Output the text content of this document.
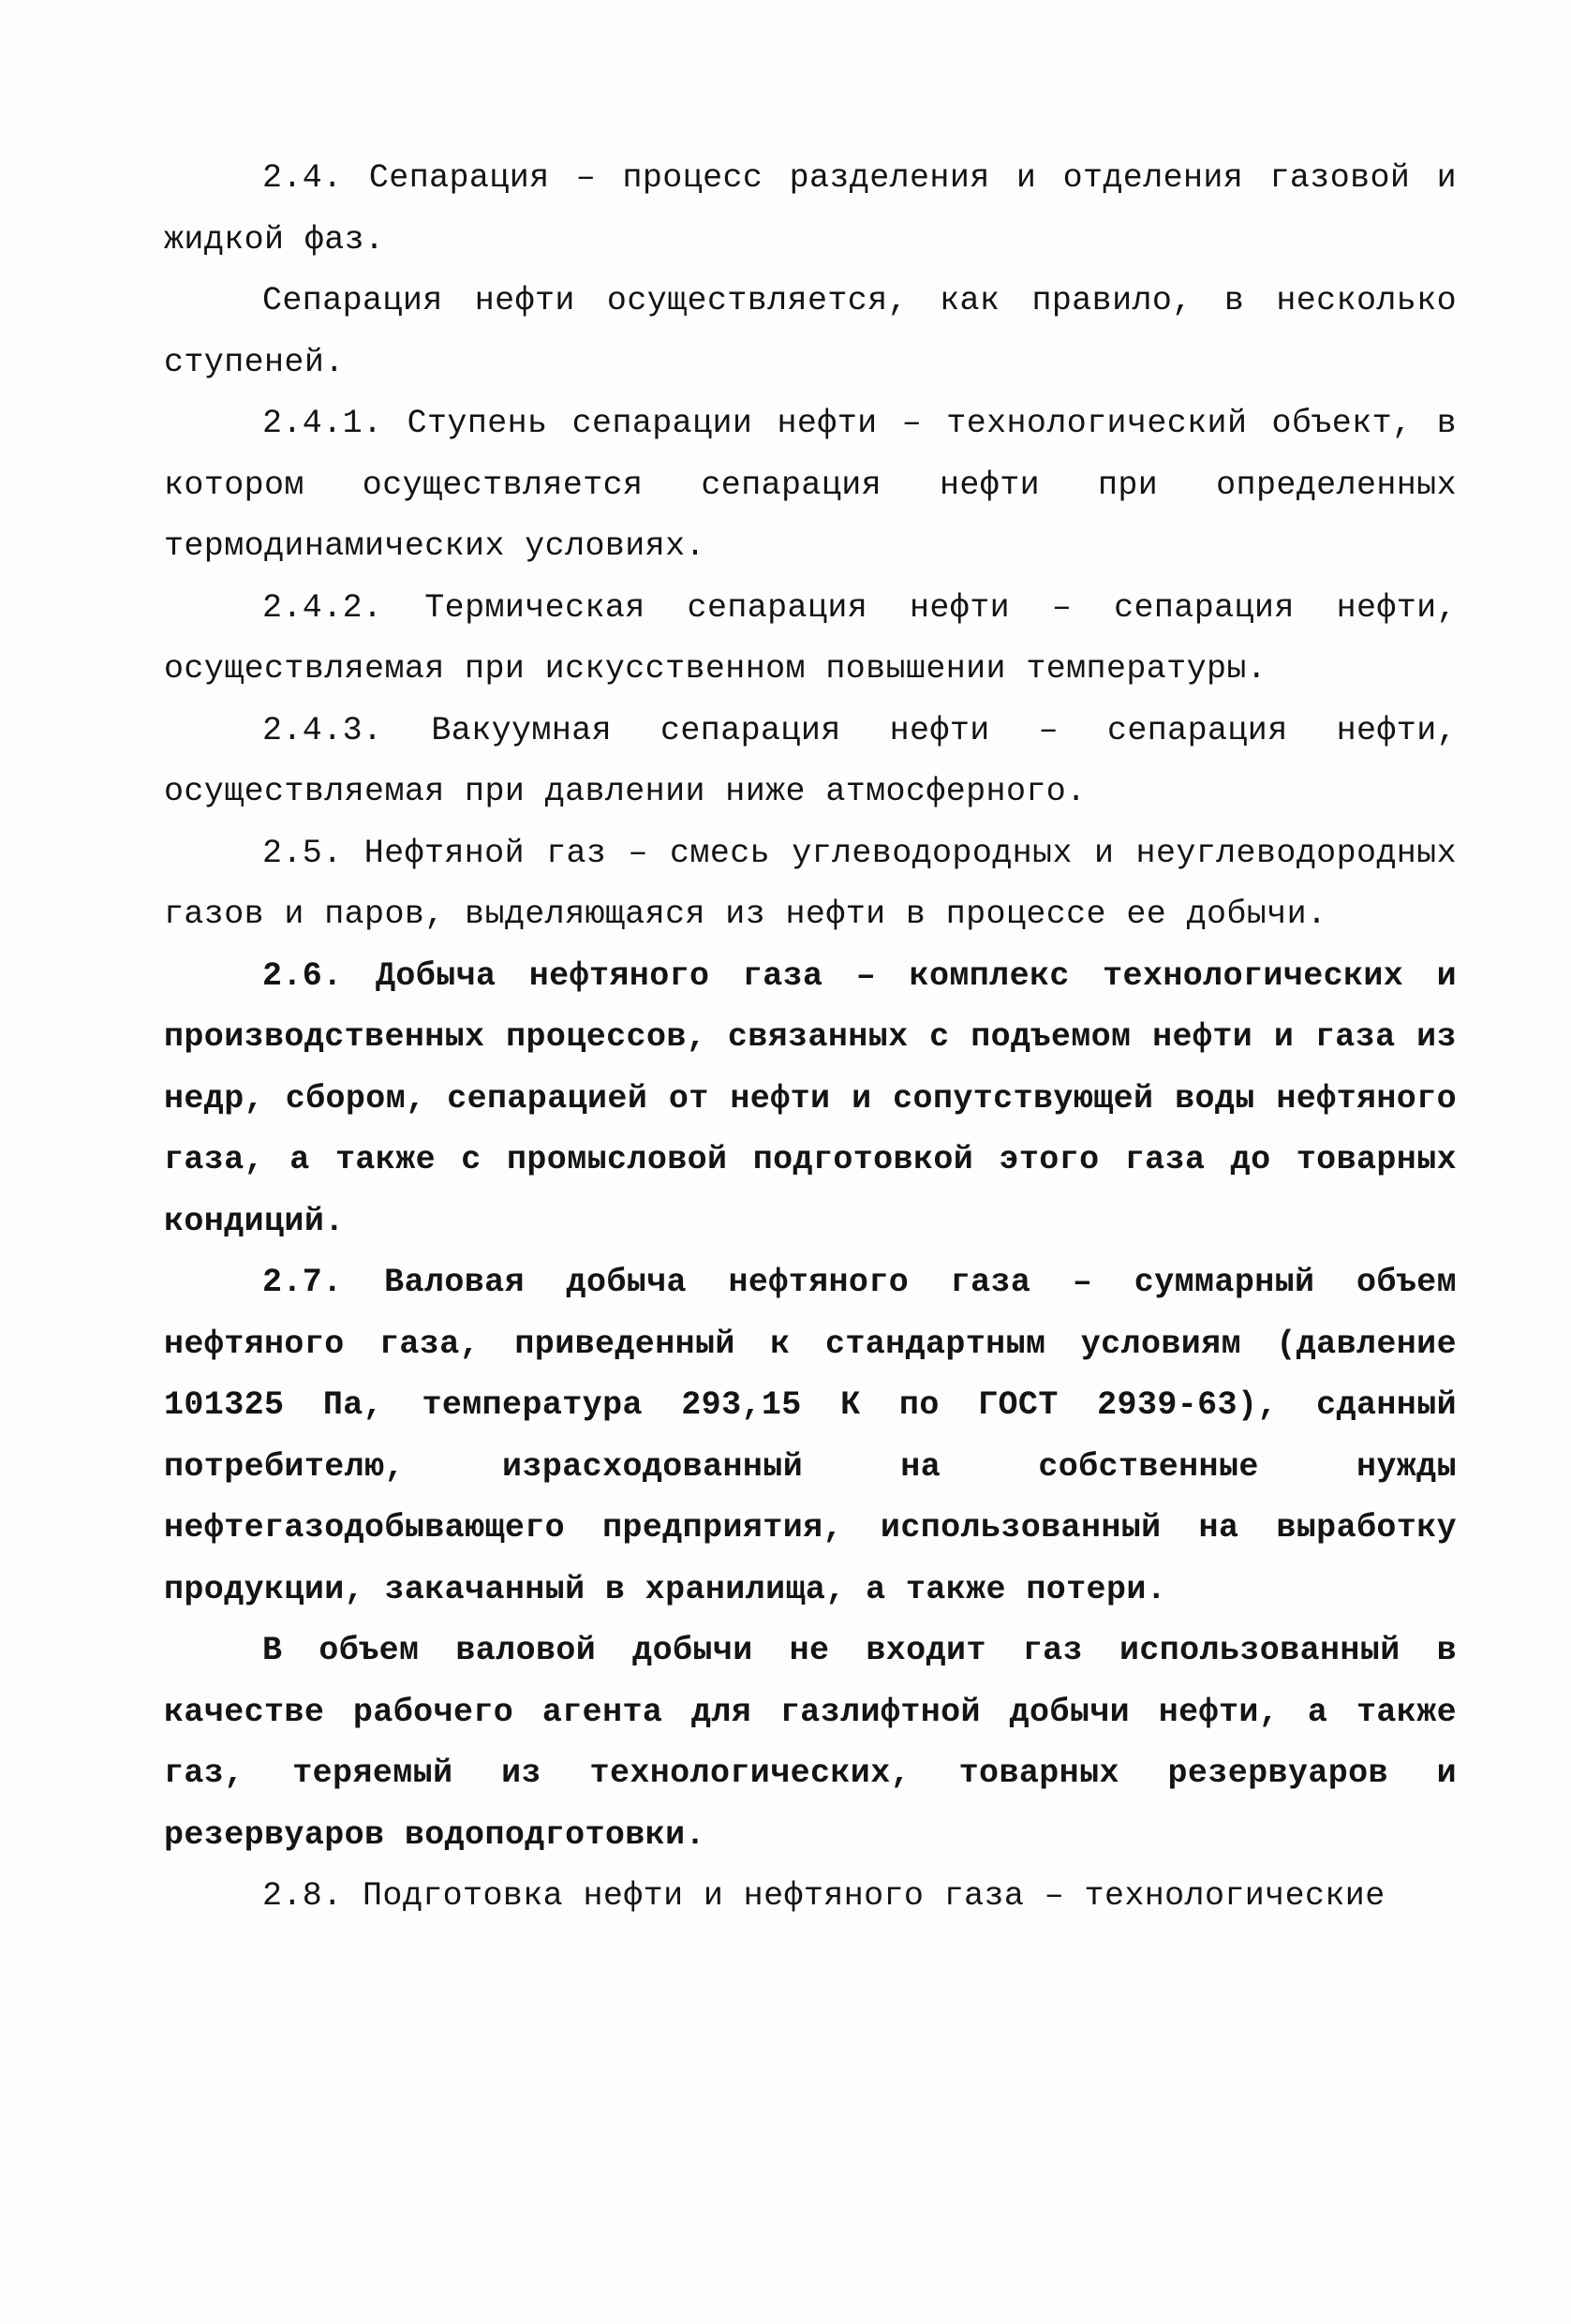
2.4. Сепарация – процесс разделения и отделения газовой и жидкой фаз.

Сепарация нефти осуществляется, как правило, в несколько ступеней.

2.4.1. Ступень сепарации нефти – технологический объект, в котором осуществляется сепарация нефти при определенных термодинамических условиях.

2.4.2. Термическая сепарация нефти – сепарация нефти, осуществляемая при искусственном повышении температуры.

2.4.3. Вакуумная сепарация нефти – сепарация нефти, осуществляемая при давлении ниже атмосферного.

2.5. Нефтяной газ – смесь углеводородных и неуглеводородных газов и паров, выделяющаяся из нефти в процессе ее добычи.

2.6. Добыча нефтяного газа – комплекс технологических и производственных процессов, связанных с подъемом нефти и газа из недр, сбором, сепарацией от нефти и сопутствующей воды нефтяного газа, а также с промысловой подготовкой этого газа до товарных кондиций.

2.7. Валовая добыча нефтяного газа – суммарный объем нефтяного газа, приведенный к стандартным условиям (давление 101325 Па, температура 293,15 К по ГОСТ 2939-63), сданный потребителю, израсходованный на собственные нужды нефтегазодобывающего предприятия, использованный на выработку продукции, закачанный в хранилища, а также потери.

В объем валовой добычи не входит газ использованный в качестве рабочего агента для газлифтной добычи нефти, а также газ, теряемый из технологических, товарных резервуаров и резервуаров водоподготовки.

2.8. Подготовка нефти и нефтяного газа – технологические
